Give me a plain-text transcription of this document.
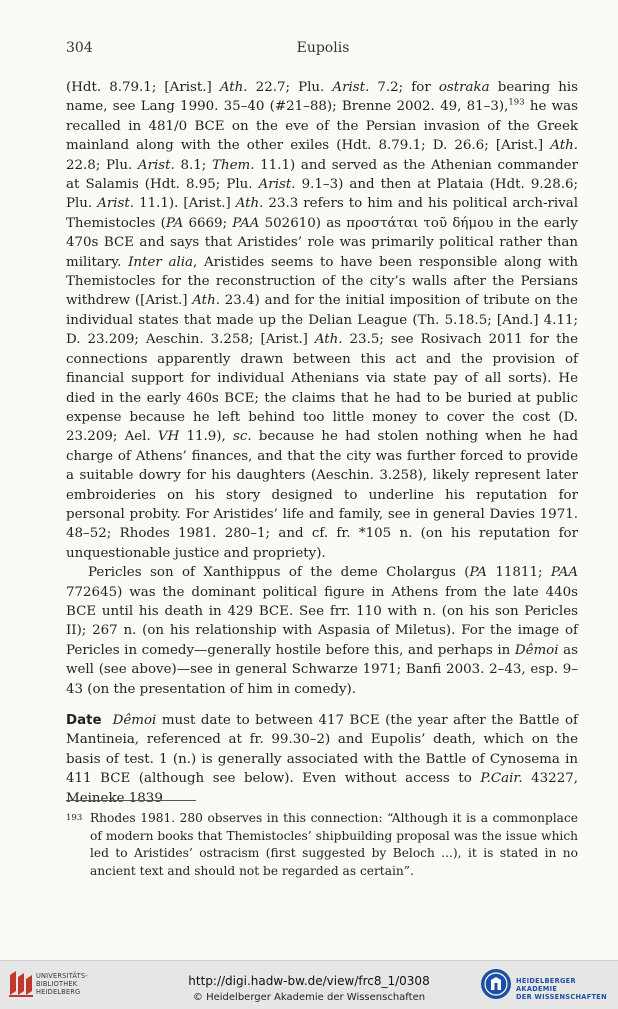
304	Eupolis

(Hdt. 8.79.1; [Arist.] Ath. 22.7; Plu. Arist. 7.2; for ostraka bearing his name, see Lang 1990. 35–40 (#21–88); Brenne 2002. 49, 81–3),$^{193}$ he was recalled in 481/0 BCE on the eve of the Persian invasion of the Greek mainland along with the other exiles (Hdt. 8.79.1; D. 26.6; [Arist.] Ath. 22.8; Plu. Arist. 8.1; Them. 11.1) and served as the Athenian commander at Salamis (Hdt. 8.95; Plu. Arist. 9.1–3) and then at Plataia (Hdt. 9.28.6; Plu. Arist. 11.1). [Arist.] Ath. 23.3 refers to him and his political arch-rival Themistocles (PA 6669; PAA 502610) as προστάται τοῦ δήμου in the early 470s BCE and says that Aristides’ role was primarily political rather than military. Inter alia, Aristides seems to have been responsible along with Themistocles for the reconstruction of the city’s walls after the Persians withdrew ([Arist.] Ath. 23.4) and for the initial imposition of tribute on the individual states that made up the Delian League (Th. 5.18.5; [And.] 4.11; D. 23.209; Aeschin. 3.258; [Arist.] Ath. 23.5; see Rosivach 2011 for the connections apparently drawn between this act and the provision of financial support for individual Athenians via state pay of all sorts). He died in the early 460s BCE; the claims that he had to be buried at public expense because he left behind too little money to cover the cost (D. 23.209; Ael. VH 11.9), sc. because he had stolen nothing when he had charge of Athens’ finances, and that the city was further forced to provide a suitable dowry for his daughters (Aeschin. 3.258), likely represent later embroideries on his story designed to underline his reputation for personal probity. For Aristides’ life and family, see in general Davies 1971. 48–52; Rhodes 1981. 280–1; and cf. fr. *105 n. (on his reputation for unquestionable justice and propriety).

Pericles son of Xanthippus of the deme Cholargus (PA 11811; PAA 772645) was the dominant political figure in Athens from the late 440s BCE until his death in 429 BCE. See frr. 110 with n. (on his son Pericles II); 267 n. (on his relationship with Aspasia of Miletus). For the image of Pericles in comedy—generally hostile before this, and perhaps in Dêmoi as well (see above)—see in general Schwarze 1971; Banfi 2003. 2–43, esp. 9–43 (on the presentation of him in comedy).

Date Dêmoi must date to between 417 BCE (the year after the Battle of Mantineia, referenced at fr. 99.30–2) and Eupolis’ death, which on the basis of test. 1 (n.) is generally associated with the Battle of Cynosema in 411 BCE (although see below). Even without access to P.Cair. 43227, Meineke 1839

193 Rhodes 1981. 280 observes in this connection: “Although it is a commonplace of modern books that Themistocles’ shipbuilding proposal was the issue which led to Aristides’ ostracism (first suggested by Beloch ...), it is stated in no ancient text and should not be regarded as certain”.
UNIVERSITÄTS-
BIBLIOTHEK
HEIDELBERG
http://digi.hadw-bw.de/view/frc8_1/0308
© Heidelberger Akademie der Wissenschaften
HEIDELBERGER AKADEMIE
DER WISSENSCHAFTEN
